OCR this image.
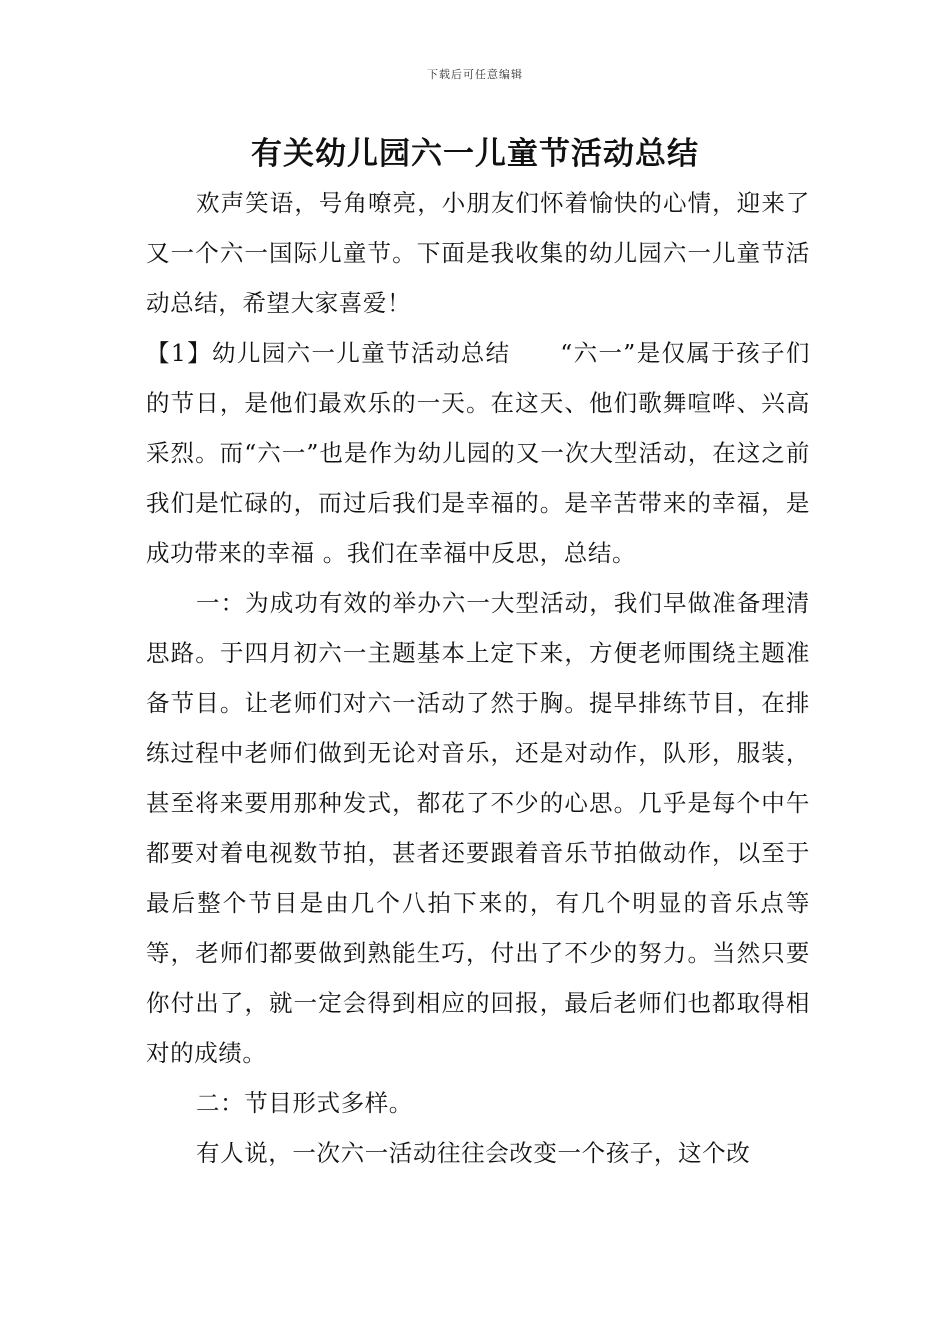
下载后可任意编辑
有关幼儿园六一儿童节活动总结

欢声笑语，号角嘹亮，小朋友们怀着愉快的心情，迎来了又一个六一国际儿童节。下面是我收集的幼儿园六一儿童节活动总结，希望大家喜爱！

【1】幼儿园六一儿童节活动总结　　“六一”是仅属于孩子们的节日，是他们最欢乐的一天。在这天、他们歌舞喧哗、兴高采烈。而“六一”也是作为幼儿园的又一次大型活动，在这之前我们是忙碌的，而过后我们是幸福的。是辛苦带来的幸福，是成功带来的幸福 。我们在幸福中反思，总结。

一：为成功有效的举办六一大型活动，我们早做准备理清思路。于四月初六一主题基本上定下来，方便老师围绕主题准备节目。让老师们对六一活动了然于胸。提早排练节目，在排练过程中老师们做到无论对音乐，还是对动作，队形，服装，甚至将来要用那种发式，都花了不少的心思。几乎是每个中午都要对着电视数节拍，甚者还要跟着音乐节拍做动作，以至于最后整个节目是由几个八拍下来的，有几个明显的音乐点等等，老师们都要做到熟能生巧，付出了不少的努力。当然只要你付出了，就一定会得到相应的回报，最后老师们也都取得相对的成绩。

二：节目形式多样。

有人说，一次六一活动往往会改变一个孩子，这个改
